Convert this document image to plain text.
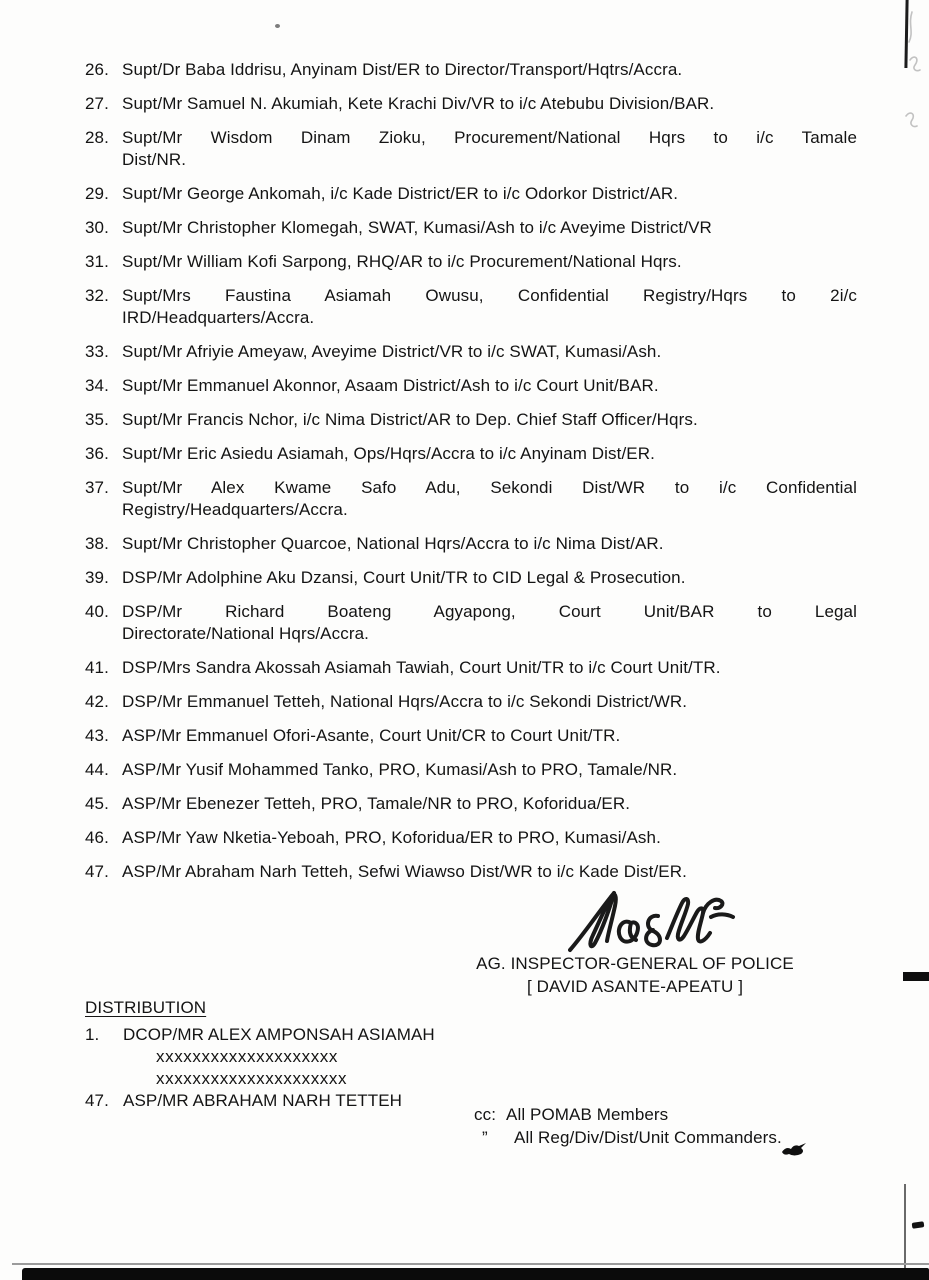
26. Supt/Dr Baba Iddrisu, Anyinam Dist/ER to Director/Transport/Hqtrs/Accra.
27. Supt/Mr Samuel N. Akumiah, Kete Krachi Div/VR to i/c Atebubu Division/BAR.
28. Supt/Mr Wisdom Dinam Zioku, Procurement/National Hqrs to i/c Tamale
Dist/NR.
29. Supt/Mr George Ankomah, i/c Kade District/ER to i/c Odorkor District/AR.
30. Supt/Mr Christopher Klomegah, SWAT, Kumasi/Ash to i/c Aveyime District/VR
31. Supt/Mr William Kofi Sarpong, RHQ/AR to i/c Procurement/National Hqrs.
32. Supt/Mrs Faustina Asiamah Owusu, Confidential Registry/Hqrs to 2i/c
IRD/Headquarters/Accra.
33. Supt/Mr Afriyie Ameyaw, Aveyime District/VR to i/c SWAT, Kumasi/Ash.
34. Supt/Mr Emmanuel Akonnor, Asaam District/Ash to i/c Court Unit/BAR.
35. Supt/Mr Francis Nchor, i/c Nima District/AR to Dep. Chief Staff Officer/Hqrs.
36. Supt/Mr Eric Asiedu Asiamah, Ops/Hqrs/Accra to i/c Anyinam Dist/ER.
37. Supt/Mr Alex Kwame Safo Adu, Sekondi Dist/WR to i/c Confidential
Registry/Headquarters/Accra.
38. Supt/Mr Christopher Quarcoe, National Hqrs/Accra to i/c Nima Dist/AR.
39. DSP/Mr Adolphine Aku Dzansi, Court Unit/TR to CID Legal & Prosecution.
40. DSP/Mr Richard Boateng Agyapong, Court Unit/BAR to Legal
Directorate/National Hqrs/Accra.
41. DSP/Mrs Sandra Akossah Asiamah Tawiah, Court Unit/TR to i/c Court Unit/TR.
42. DSP/Mr Emmanuel Tetteh, National Hqrs/Accra to i/c Sekondi District/WR.
43. ASP/Mr Emmanuel Ofori-Asante, Court Unit/CR to Court Unit/TR.
44. ASP/Mr Yusif Mohammed Tanko, PRO, Kumasi/Ash to PRO, Tamale/NR.
45. ASP/Mr Ebenezer Tetteh, PRO, Tamale/NR to PRO, Koforidua/ER.
46. ASP/Mr Yaw Nketia-Yeboah, PRO, Koforidua/ER to PRO, Kumasi/Ash.
47. ASP/Mr Abraham Narh Tetteh, Sefwi Wiawso Dist/WR to i/c Kade Dist/ER.
AG. INSPECTOR-GENERAL OF POLICE
[ DAVID ASANTE-APEATU ]
DISTRIBUTION
1.	DCOP/MR ALEX AMPONSAH ASIAMAH
xxxxxxxxxxxxxxxxxxxx
xxxxxxxxxxxxxxxxxxxxx
47. ASP/MR ABRAHAM NARH TETTEH
cc: All POMAB Members
”	All Reg/Div/Dist/Unit Commanders.
